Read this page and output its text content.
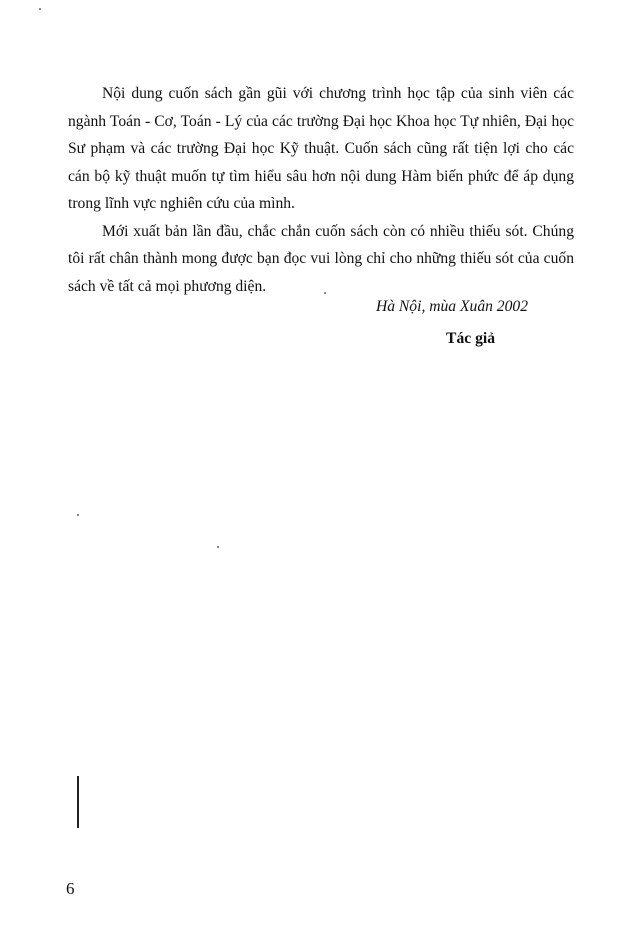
Nội dung cuốn sách gần gũi với chương trình học tập của sinh viên các ngành Toán - Cơ, Toán - Lý của các trường Đại học Khoa học Tự nhiên, Đại học Sư phạm và các trường Đại học Kỹ thuật. Cuốn sách cũng rất tiện lợi cho các cán bộ kỹ thuật muốn tự tìm hiểu sâu hơn nội dung Hàm biến phức để áp dụng trong lĩnh vực nghiên cứu của mình.

Mới xuất bản lần đầu, chắc chắn cuốn sách còn có nhiều thiếu sót. Chúng tôi rất chân thành mong được bạn đọc vui lòng chỉ cho những thiếu sót của cuốn sách về tất cả mọi phương diện.

Hà Nội, mùa Xuân 2002
Tác giả
6
